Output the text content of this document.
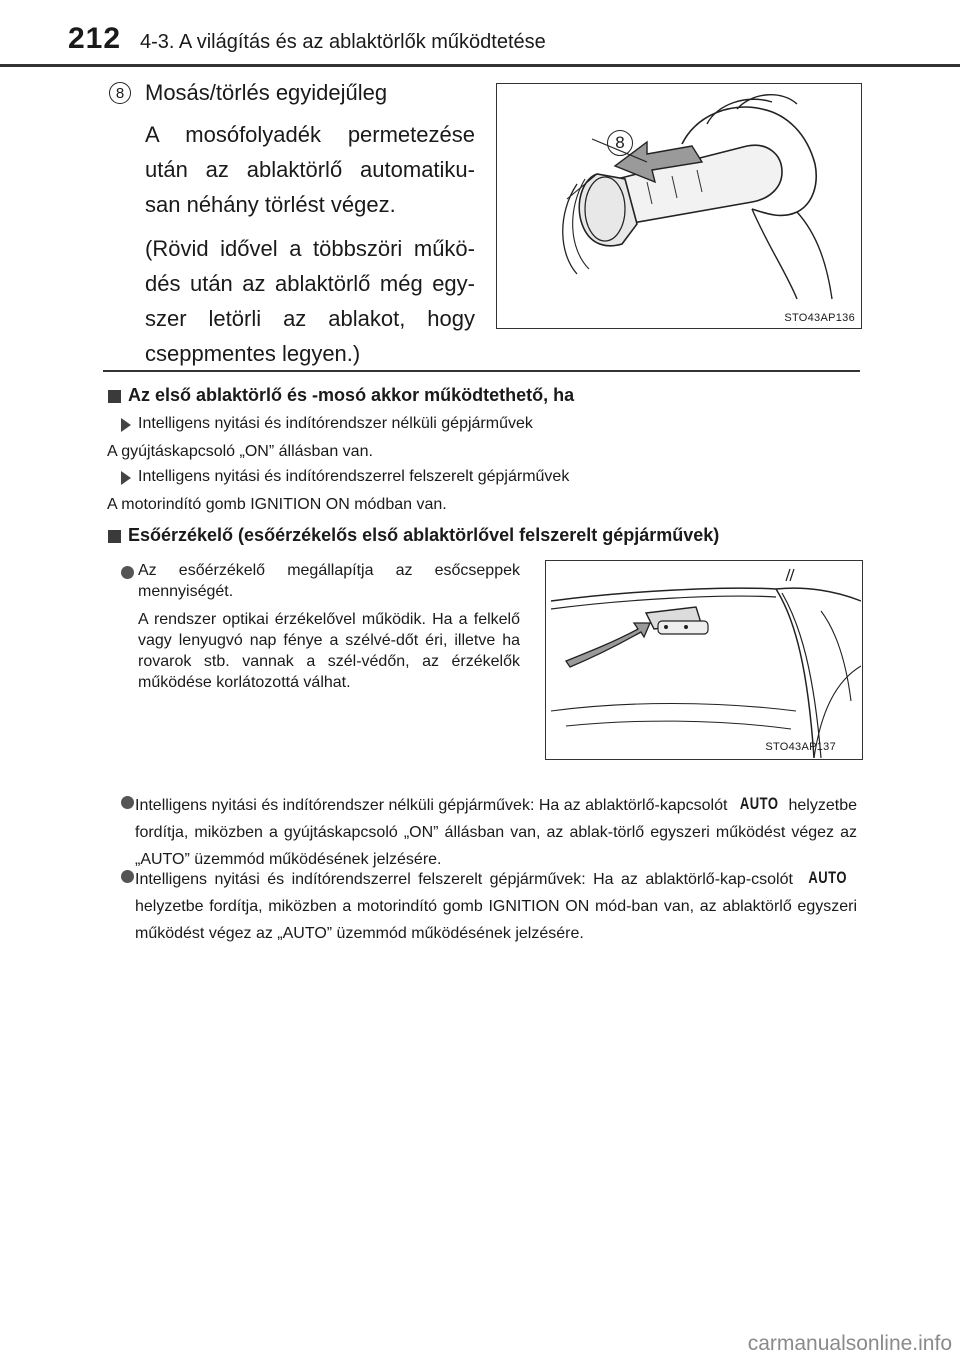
212 4-3. A világítás és az ablaktörlők működtetése
8 Mosás/törlés egyidejűleg

A mosófolyadék permetezése után az ablaktörlő automatiku-san néhány törlést végez.

(Rövid idővel a többszöri műkö-dés után az ablaktörlő még egy-szer letörli az ablakot, hogy cseppmentes legyen.)

8
STO43AP136
Az első ablaktörlő és -mosó akkor működtethető, ha
Intelligens nyitási és indítórendszer nélküli gépjárművek
A gyújtáskapcsoló „ON” állásban van.
Intelligens nyitási és indítórendszerrel felszerelt gépjárművek
A motorindító gomb IGNITION ON módban van.
Esőérzékelő (esőérzékelős első ablaktörlővel felszerelt gépjárművek)
Az esőérzékelő megállapítja az esőcseppek mennyiségét.
A rendszer optikai érzékelővel működik. Ha a felkelő vagy lenyugvó nap fénye a szélvé-dőt éri, illetve ha rovarok stb. vannak a szél-védőn, az érzékelők működése korlátozottá válhat.
STO43AP137
Intelligens nyitási és indítórendszer nélküli gépjárművek: Ha az ablaktörlő-kapcsolót AUTO helyzetbe fordítja, miközben a gyújtáskapcsoló „ON” állásban van, az ablak-törlő egyszeri működést végez az „AUTO” üzemmód működésének jelzésére.
Intelligens nyitási és indítórendszerrel felszerelt gépjárművek: Ha az ablaktörlő-kap-csolót AUTOhelyzetbe fordítja, miközben a motorindító gomb IGNITION ON mód-ban van, az ablaktörlő egyszeri működést végez az „AUTO” üzemmód működésének jelzésére.
carmanualsonline.info
